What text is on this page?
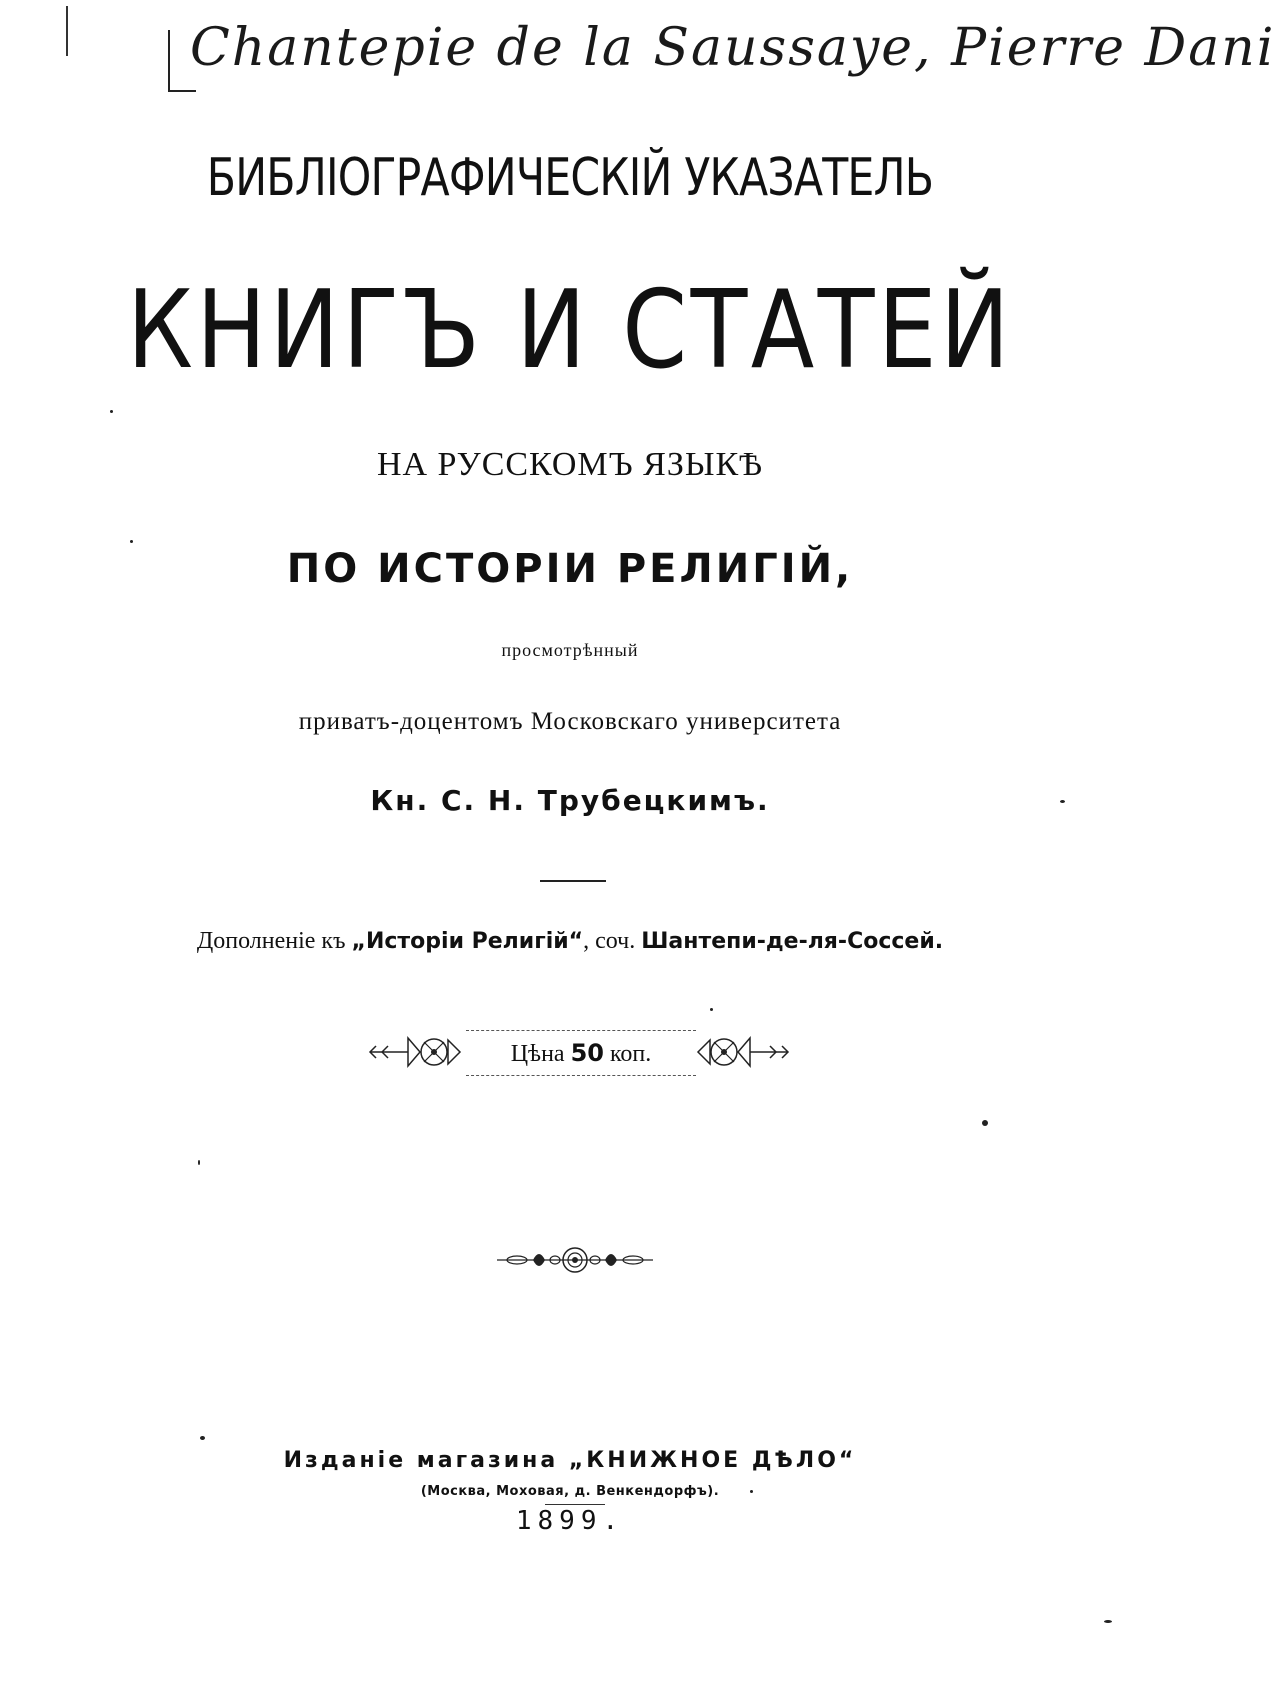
Chantepie de la Saussaye, Pierre Dani
БИБЛІОГРАФИЧЕСКІЙ УКАЗАТЕЛЬ
КНИГЪ И СТАТЕЙ
НА РУССКОМЪ ЯЗЫКѢ
ПО ИСТОРІИ РЕЛИГІЙ,
просмотрѣнный
приватъ-доцентомъ Московскаго университета
Кн. С. Н. Трубецкимъ.
Дополненіе къ „Исторіи Религій“, соч. Шантепи-де-ля-Соссей.
Цѣна 50 коп.
Изданіе магазина „КНИЖНОЕ ДѢЛО“
(Москва, Моховая, д. Венкендорфъ).
1899.
